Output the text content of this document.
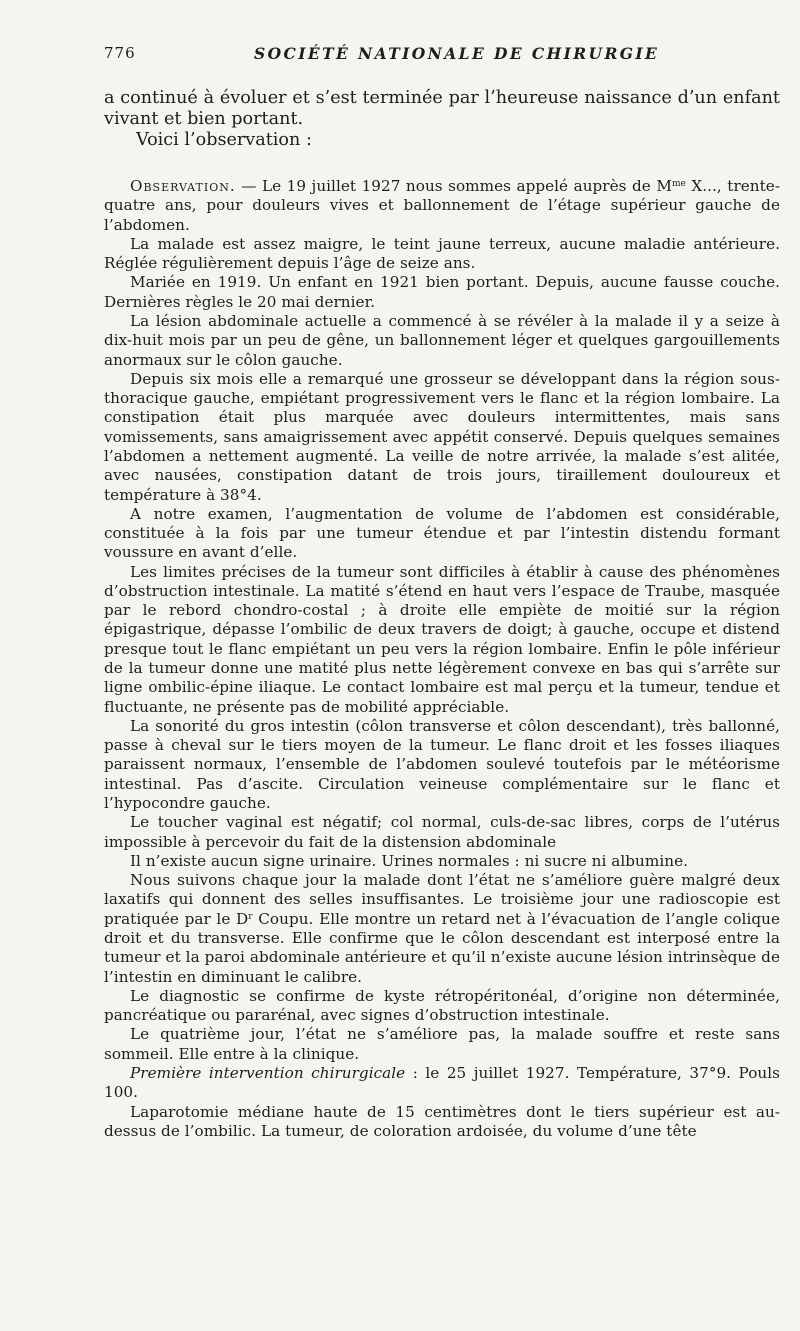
776	SOCIÉTÉ NATIONALE DE CHIRURGIE

a continué à évoluer et s’est terminée par l’heureuse naissance d’un enfant vivant et bien portant.

Voici l’observation :

Observation. — Le 19 juillet 1927 nous sommes appelé auprès de $M^{me}$ X..., trente-quatre ans, pour douleurs vives et ballonnement de l’étage supérieur gauche de l’abdomen.

La malade est assez maigre, le teint jaune terreux, aucune maladie antérieure. Réglée régulièrement depuis l’âge de seize ans.

Mariée en 1919. Un enfant en 1921 bien portant. Depuis, aucune fausse couche. Dernières règles le 20 mai dernier.

La lésion abdominale actuelle a commencé à se révéler à la malade il y a seize à dix-huit mois par un peu de gêne, un ballonnement léger et quelques gargouillements anormaux sur le côlon gauche.

Depuis six mois elle a remarqué une grosseur se développant dans la région sous-thoracique gauche, empiétant progressivement vers le flanc et la région lombaire. La constipation était plus marquée avec douleurs intermittentes, mais sans vomissements, sans amaigrissement avec appétit conservé. Depuis quelques semaines l’abdomen a nettement augmenté. La veille de notre arrivée, la malade s’est alitée, avec nausées, constipation datant de trois jours, tiraillement douloureux et température à 38°4.

A notre examen, l’augmentation de volume de l’abdomen est considérable, constituée à la fois par une tumeur étendue et par l’intestin distendu formant voussure en avant d’elle.

Les limites précises de la tumeur sont difficiles à établir à cause des phénomènes d’obstruction intestinale. La matité s’étend en haut vers l’espace de Traube, masquée par le rebord chondro-costal ; à droite elle empiète de moitié sur la région épigastrique, dépasse l’ombilic de deux travers de doigt; à gauche, occupe et distend presque tout le flanc empiétant un peu vers la région lombaire. Enfin le pôle inférieur de la tumeur donne une matité plus nette légèrement convexe en bas qui s’arrête sur ligne ombilic-épine iliaque. Le contact lombaire est mal perçu et la tumeur, tendue et fluctuante, ne présente pas de mobilité appréciable.

La sonorité du gros intestin (côlon transverse et côlon descendant), très ballonné, passe à cheval sur le tiers moyen de la tumeur. Le flanc droit et les fosses iliaques paraissent normaux, l’ensemble de l’abdomen soulevé toutefois par le météorisme intestinal. Pas d’ascite. Circulation veineuse complémentaire sur le flanc et l’hypocondre gauche.

Le toucher vaginal est négatif; col normal, culs-de-sac libres, corps de l’utérus impossible à percevoir du fait de la distension abdominale

Il n’existe aucun signe urinaire. Urines normales : ni sucre ni albumine.

Nous suivons chaque jour la malade dont l’état ne s’améliore guère malgré deux laxatifs qui donnent des selles insuffisantes. Le troisième jour une radioscopie est pratiquée par le $D^r$ Coupu. Elle montre un retard net à l’évacuation de l’angle colique droit et du transverse. Elle confirme que le côlon descendant est interposé entre la tumeur et la paroi abdominale antérieure et qu’il n’existe aucune lésion intrinsèque de l’intestin en diminuant le calibre.

Le diagnostic se confirme de kyste rétropéritonéal, d’origine non déterminée, pancréatique ou pararénal, avec signes d’obstruction intestinale.

Le quatrième jour, l’état ne s’améliore pas, la malade souffre et reste sans sommeil. Elle entre à la clinique.

Première intervention chirurgicale : le 25 juillet 1927. Température, 37°9. Pouls 100.

Laparotomie médiane haute de 15 centimètres dont le tiers supérieur est au-dessus de l’ombilic. La tumeur, de coloration ardoisée, du volume d’une tête
